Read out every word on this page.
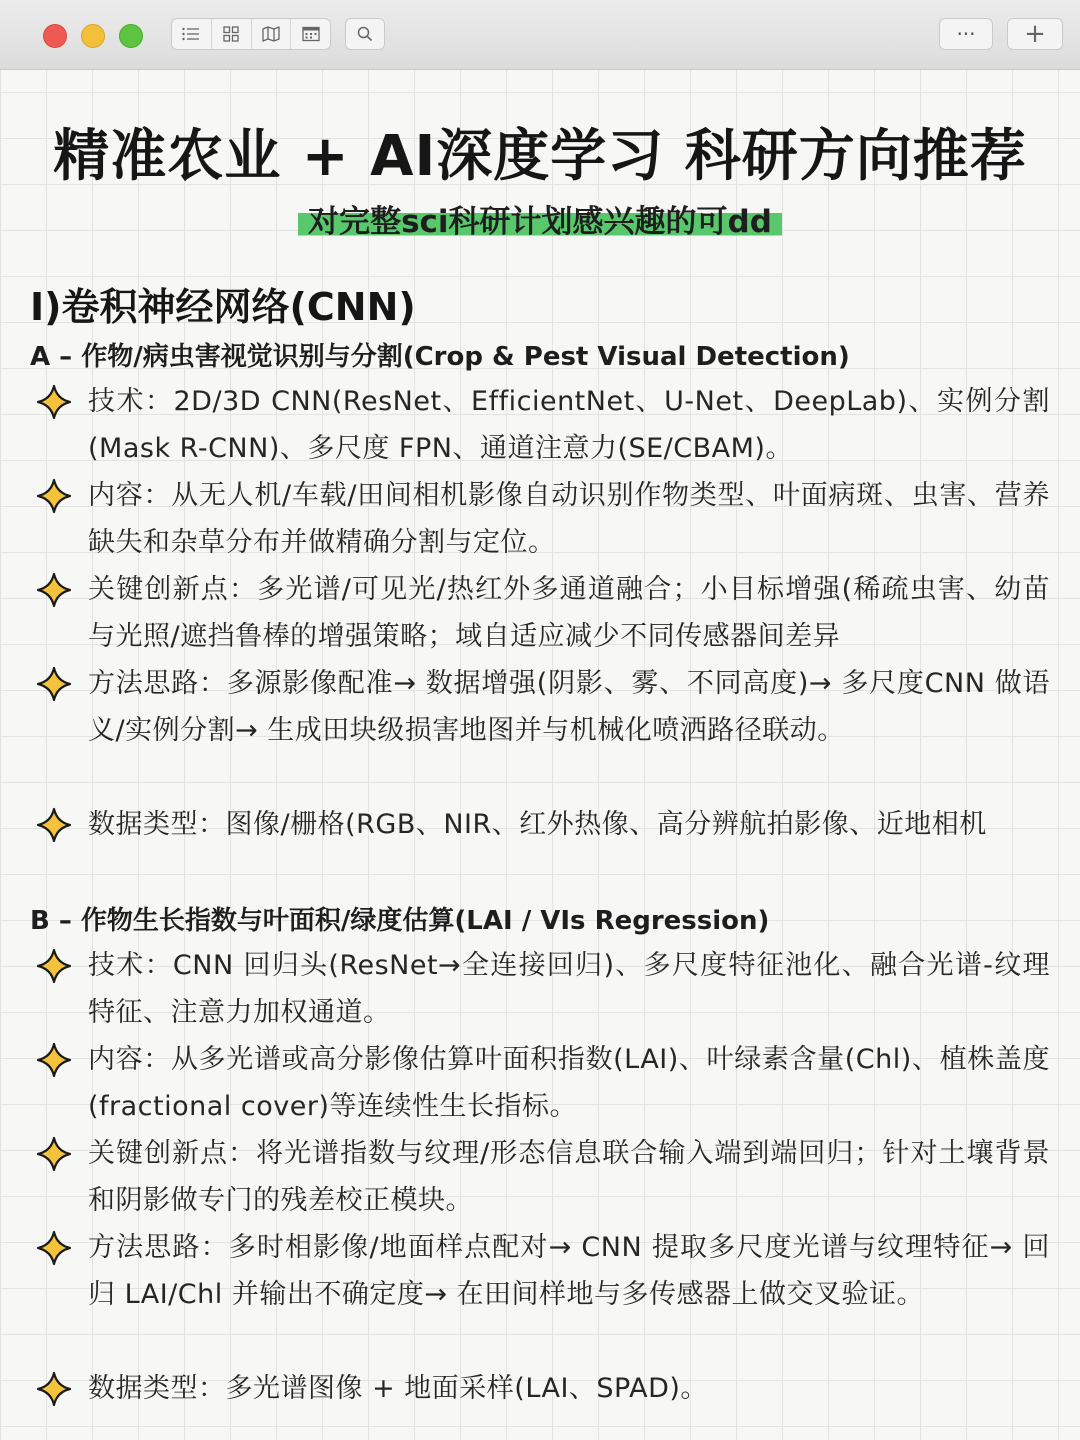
··· +
精准农业 + AI深度学习 科研方向推荐
对完整sci科研计划感兴趣的可dd
I)卷积神经网络(CNN)
A – 作物/病虫害视觉识别与分割(Crop & Pest Visual Detection)
技术：2D/3D CNN(ResNet、EfficientNet、U-Net、DeepLab)、实例分割(Mask R-CNN)、多尺度 FPN、通道注意力(SE/CBAM)。
内容：从无人机/车载/田间相机影像自动识别作物类型、叶面病斑、虫害、营养缺失和杂草分布并做精确分割与定位。
关键创新点：多光谱/可见光/热红外多通道融合；小目标增强(稀疏虫害、幼苗与光照/遮挡鲁棒的增强策略；域自适应减少不同传感器间差异
方法思路：多源影像配准→ 数据增强(阴影、雾、不同高度)→ 多尺度CNN 做语义/实例分割→ 生成田块级损害地图并与机械化喷洒路径联动。
数据类型：图像/栅格(RGB、NIR、红外热像、高分辨航拍影像、近地相机
B – 作物生长指数与叶面积/绿度估算(LAI / VIs Regression)
技术：CNN 回归头(ResNet→全连接回归)、多尺度特征池化、融合光谱-纹理特征、注意力加权通道。
内容：从多光谱或高分影像估算叶面积指数(LAI)、叶绿素含量(Chl)、植株盖度(fractional cover)等连续性生长指标。
关键创新点：将光谱指数与纹理/形态信息联合输入端到端回归；针对土壤背景和阴影做专门的残差校正模块。
方法思路：多时相影像/地面样点配对→ CNN 提取多尺度光谱与纹理特征→ 回归 LAI/Chl 并输出不确定度→ 在田间样地与多传感器上做交叉验证。
数据类型：多光谱图像 + 地面采样(LAI、SPAD)。
